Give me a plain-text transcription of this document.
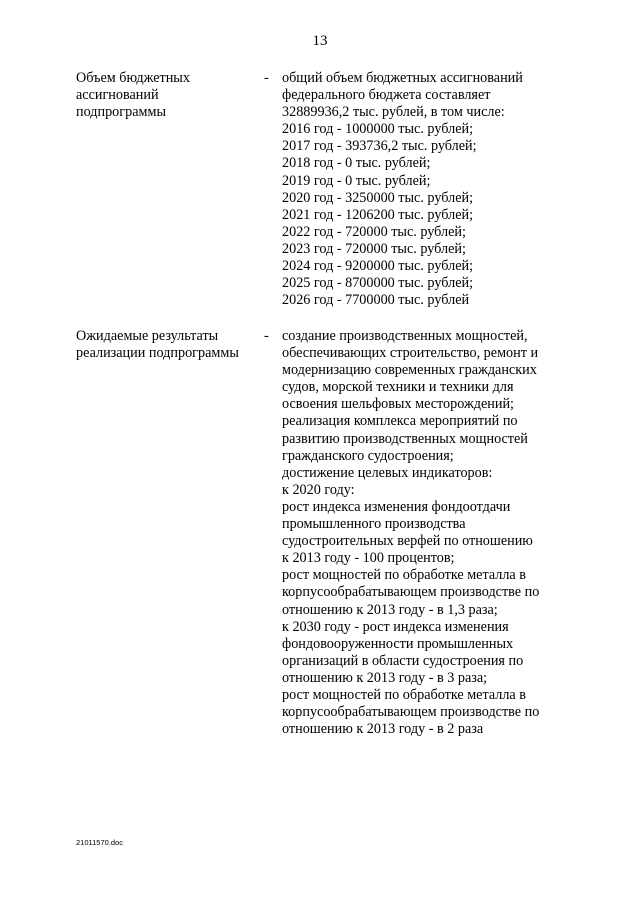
13
Объем бюджетных
ассигнований
подпрограммы
- общий объем бюджетных ассигнований
федерального бюджета составляет
32889936,2 тыс. рублей, в том числе:
2016 год - 1000000 тыс. рублей;
2017 год - 393736,2 тыс. рублей;
2018 год - 0 тыс. рублей;
2019 год - 0 тыс. рублей;
2020 год - 3250000 тыс. рублей;
2021 год - 1206200 тыс. рублей;
2022 год - 720000 тыс. рублей;
2023 год - 720000 тыс. рублей;
2024 год - 9200000 тыс. рублей;
2025 год - 8700000 тыс. рублей;
2026 год - 7700000 тыс. рублей
Ожидаемые результаты
реализации подпрограммы
- создание производственных мощностей,
обеспечивающих строительство, ремонт и
модернизацию современных гражданских
судов, морской техники и техники для
освоения шельфовых месторождений;
реализация комплекса мероприятий по
развитию производственных мощностей
гражданского судостроения;
достижение целевых индикаторов:
к 2020 году:
рост индекса изменения фондоотдачи
промышленного производства
судостроительных верфей по отношению
к 2013 году - 100 процентов;
рост мощностей по обработке металла в
корпусообрабатывающем производстве по
отношению к 2013 году - в 1,3 раза;
к 2030 году - рост индекса изменения
фондовооруженности промышленных
организаций в области судостроения по
отношению к 2013 году - в 3 раза;
рост мощностей по обработке металла в
корпусообрабатывающем производстве по
отношению к 2013 году - в 2 раза
21011570.doc
